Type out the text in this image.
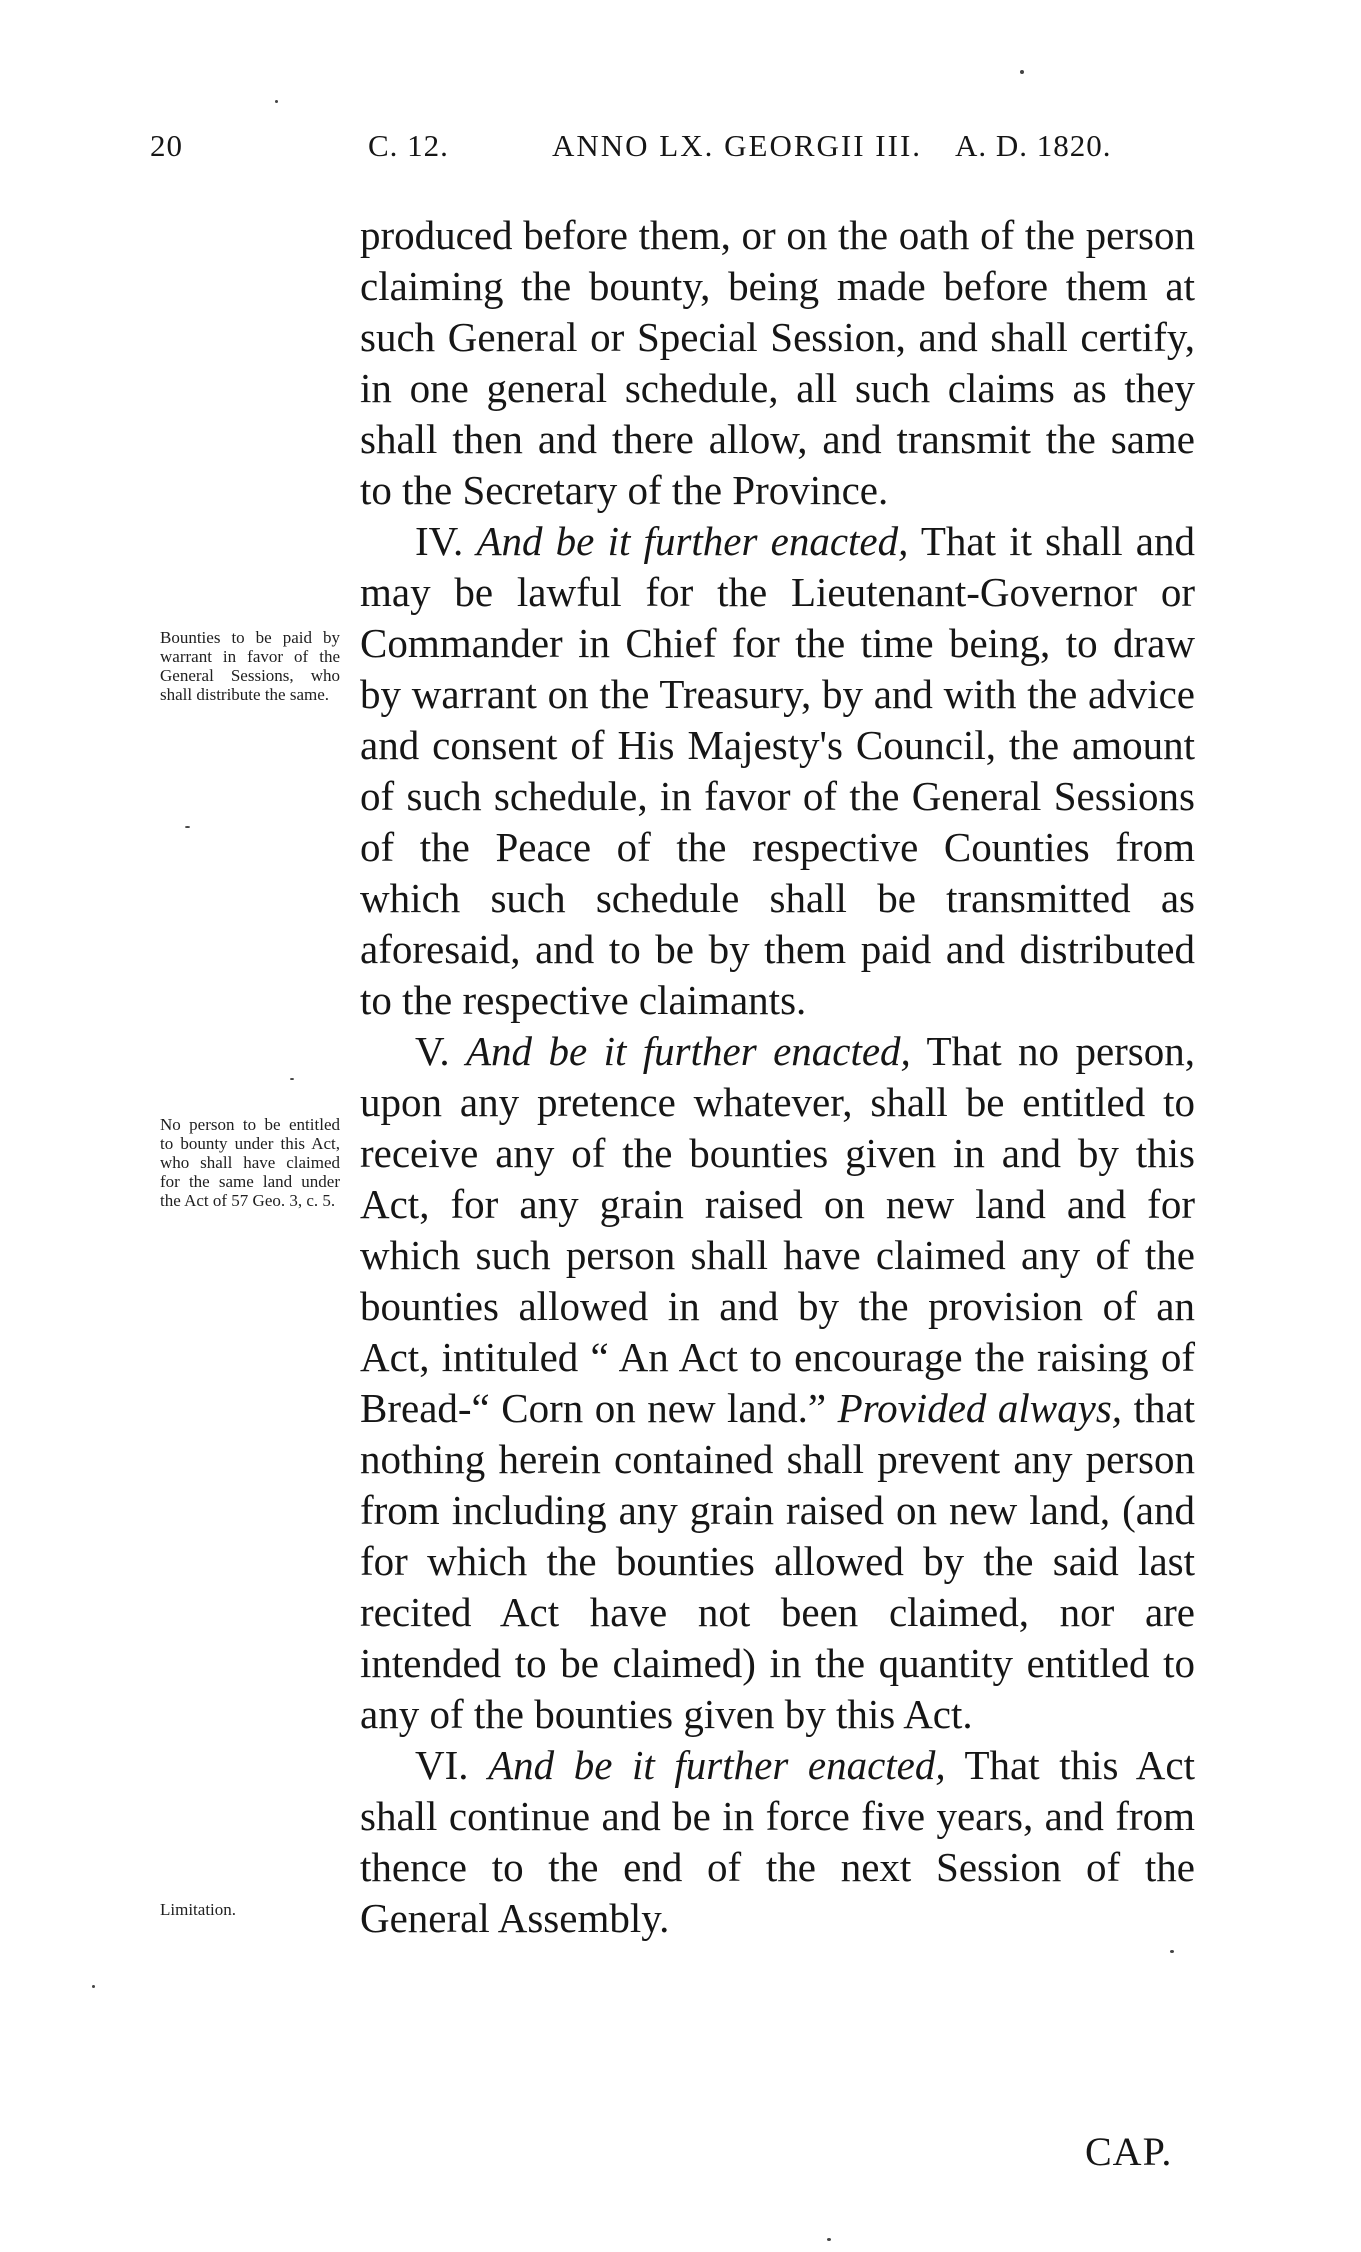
20	C. 12.	ANNO LX. GEORGII III. A. D. 1820.

produced before them, or on the oath of the person claiming the bounty, being made before them at such General or Special Session, and shall certify, in one general schedule, all such claims as they shall then and there allow, and transmit the same to the Secretary of the Province.

IV. And be it further enacted, That it shall and may be lawful for the Lieutenant-Governor or Commander in Chief for the time being, to draw by warrant on the Treasury, by and with the advice and consent of His Majesty's Council, the amount of such schedule, in favor of the General Sessions of the Peace of the respective Counties from which such schedule shall be transmitted as aforesaid, and to be by them paid and distributed to the respective claimants.

V. And be it further enacted, That no person, upon any pretence whatever, shall be entitled to receive any of the bounties given in and by this Act, for any grain raised on new land and for which such person shall have claimed any of the bounties allowed in and by the provision of an Act, intituled “ An Act to encourage the raising of Bread-“ Corn on new land.” Provided always, that nothing herein contained shall prevent any person from including any grain raised on new land, (and for which the bounties allowed by the said last recited Act have not been claimed, nor are intended to be claimed) in the quantity entitled to any of the bounties given by this Act.

VI. And be it further enacted, That this Act shall continue and be in force five years, and from thence to the end of the next Session of the General Assembly.

Bounties to be paid by warrant in favor of the General Sessions, who shall distribute the same.
No person to be entitled to bounty under this Act, who shall have claimed for the same land under the Act of 57 Geo. 3, c. 5.
Limitation.
CAP.
